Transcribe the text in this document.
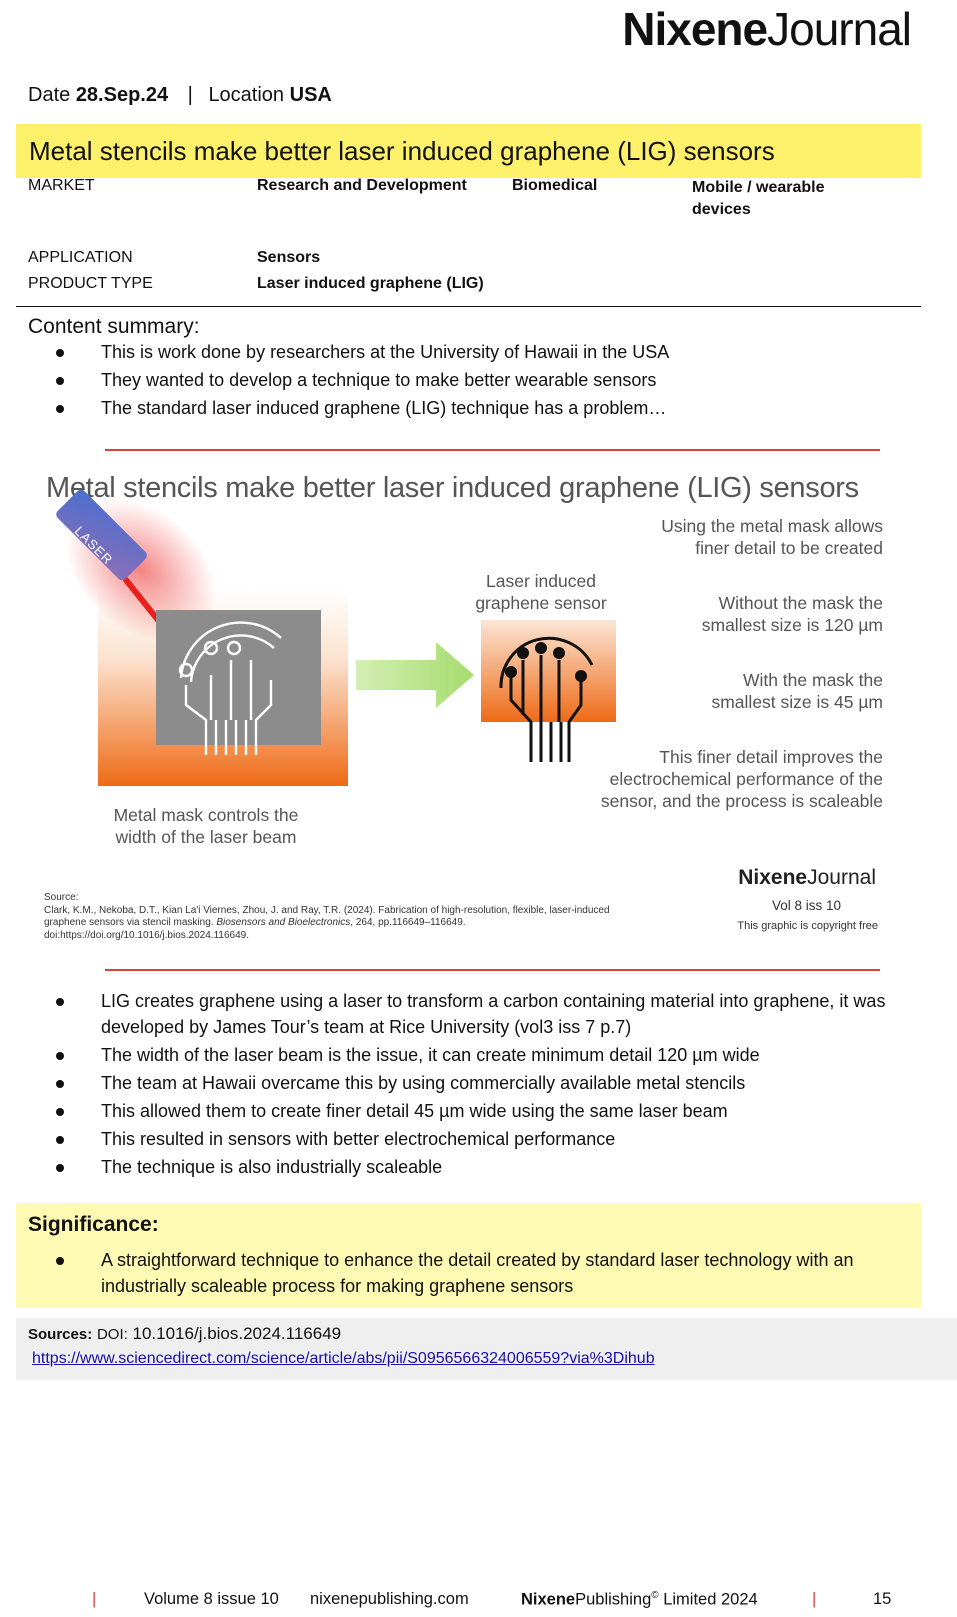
NixeneJournal
Date 28.Sep.24 | Location USA
Metal stencils make better laser induced graphene (LIG) sensors
MARKET	Research and Development	Biomedical	Mobile / wearable devices
APPLICATION	Sensors
PRODUCT TYPE	Laser induced graphene (LIG)
Content summary:
This is work done by researchers at the University of Hawaii in the USA
They wanted to develop a technique to make better wearable sensors
The standard laser induced graphene (LIG) technique has a problem…
Metal stencils make better laser induced graphene (LIG) sensors
LASER
Laser induced
graphene sensor
Using the metal mask allows
finer detail to be created
Without the mask the
smallest size is 120 µm
With the mask the
smallest size is 45 µm
This finer detail improves the
electrochemical performance of the
sensor, and the process is scaleable
Metal mask controls the
width of the laser beam
Source:
Clark, K.M., Nekoba, D.T., Kian La'i Viernes, Zhou, J. and Ray, T.R. (2024). Fabrication of high-resolution, flexible, laser-induced
graphene sensors via stencil masking. Biosensors and Bioelectronics, 264, pp.116649–116649.
doi:https://doi.org/10.1016/j.bios.2024.116649.
NixeneJournal
Vol 8 iss 10
This graphic is copyright free
LIG creates graphene using a laser to transform a carbon containing material into graphene, it was developed by James Tour’s team at Rice University (vol3 iss 7 p.7)
The width of the laser beam is the issue, it can create minimum detail 120 µm wide
The team at Hawaii overcame this by using commercially available metal stencils
This allowed them to create finer detail 45 µm wide using the same laser beam
This resulted in sensors with better electrochemical performance
The technique is also industrially scaleable
Significance:
A straightforward technique to enhance the detail created by standard laser technology with an industrially scaleable process for making graphene sensors
Sources: DOI: 10.1016/j.bios.2024.116649
https://www.sciencedirect.com/science/article/abs/pii/S0956566324006559?via%3Dihub
|	Volume 8 issue 10 nixenepublishing.com	NixenePublishing© Limited 2024	|	15
